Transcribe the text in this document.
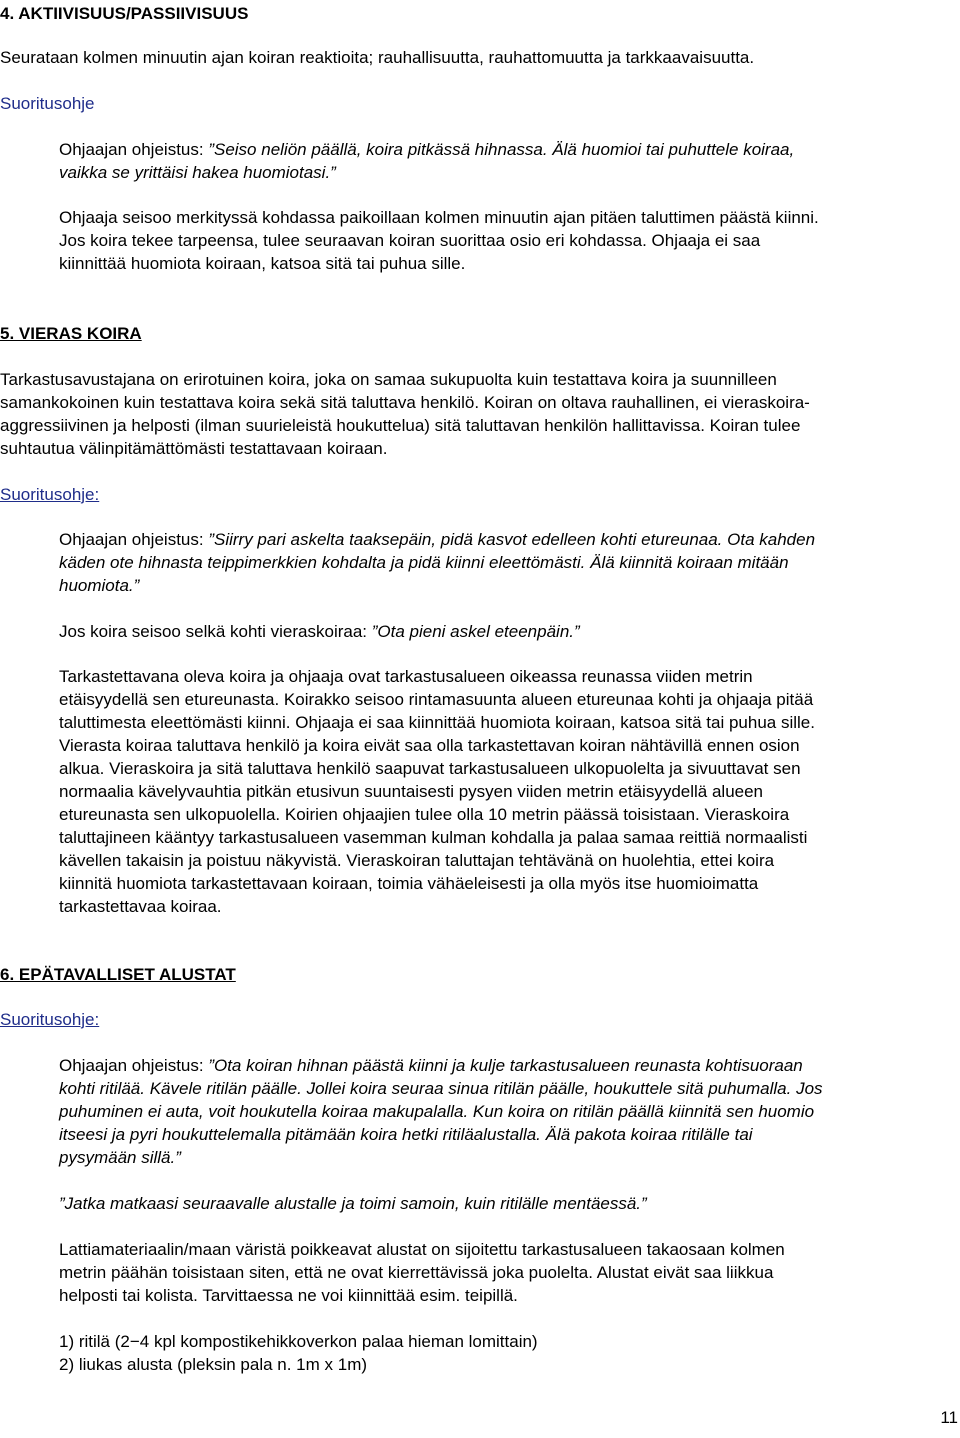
4. AKTIIVISUUS/PASSIIVISUUS
Seurataan kolmen minuutin ajan koiran reaktioita; rauhallisuutta, rauhattomuutta ja tarkkaavaisuutta.
Suoritusohje
Ohjaajan ohjeistus: ”Seiso neliön päällä, koira pitkässä hihnassa. Älä huomioi tai puhuttele koiraa,
vaikka se yrittäisi hakea huomiotasi.”
Ohjaaja seisoo merkityssä kohdassa paikoillaan kolmen minuutin ajan pitäen taluttimen päästä kiinni.
Jos koira tekee tarpeensa, tulee seuraavan koiran suorittaa osio eri kohdassa. Ohjaaja ei saa
kiinnittää huomiota koiraan, katsoa sitä tai puhua sille.
5. VIERAS KOIRA
Tarkastusavustajana on erirotuinen koira, joka on samaa sukupuolta kuin testattava koira ja suunnilleen
samankokoinen kuin testattava koira sekä sitä taluttava henkilö. Koiran on oltava rauhallinen, ei vieraskoira-
aggressiivinen ja helposti (ilman suurieleistä houkuttelua) sitä taluttavan henkilön hallittavissa. Koiran tulee
suhtautua välinpitämättömästi testattavaan koiraan.
Suoritusohje:
Ohjaajan ohjeistus: ”Siirry pari askelta taaksepäin, pidä kasvot edelleen kohti etureunaa. Ota kahden
käden ote hihnasta teippimerkkien kohdalta ja pidä kiinni eleettömästi. Älä kiinnitä koiraan mitään
huomiota.”
Jos koira seisoo selkä kohti vieraskoiraa: ”Ota pieni askel eteenpäin.”
Tarkastettavana oleva koira ja ohjaaja ovat tarkastusalueen oikeassa reunassa viiden metrin
etäisyydellä sen etureunasta. Koirakko seisoo rintamasuunta alueen etureunaa kohti ja ohjaaja pitää
taluttimesta eleettömästi kiinni. Ohjaaja ei saa kiinnittää huomiota koiraan, katsoa sitä tai puhua sille.
Vierasta koiraa taluttava henkilö ja koira eivät saa olla tarkastettavan koiran nähtävillä ennen osion
alkua. Vieraskoira ja sitä taluttava henkilö saapuvat tarkastusalueen ulkopuolelta ja sivuuttavat sen
normaalia kävelyvauhtia pitkän etusivun suuntaisesti pysyen viiden metrin etäisyydellä alueen
etureunasta sen ulkopuolella. Koirien ohjaajien tulee olla 10 metrin päässä toisistaan. Vieraskoira
taluttajineen kääntyy tarkastusalueen vasemman kulman kohdalla ja palaa samaa reittiä normaalisti
kävellen takaisin ja poistuu näkyvistä. Vieraskoiran taluttajan tehtävänä on huolehtia, ettei koira
kiinnitä huomiota tarkastettavaan koiraan, toimia vähäeleisesti ja olla myös itse huomioimatta
tarkastettavaa koiraa.
6. EPÄTAVALLISET ALUSTAT
Suoritusohje:
Ohjaajan ohjeistus: ”Ota koiran hihnan päästä kiinni ja kulje tarkastusalueen reunasta kohtisuoraan
kohti ritilää. Kävele ritilän päälle. Jollei koira seuraa sinua ritilän päälle, houkuttele sitä puhumalla. Jos
puhuminen ei auta, voit houkutella koiraa makupalalla. Kun koira on ritilän päällä kiinnitä sen huomio
itseesi ja pyri houkuttelemalla pitämään koira hetki ritiläalustalla. Älä pakota koiraa ritilälle tai
pysymään sillä.”
”Jatka matkaasi seuraavalle alustalle ja toimi samoin, kuin ritilälle mentäessä.”
Lattiamateriaalin/maan väristä poikkeavat alustat on sijoitettu tarkastusalueen takaosaan kolmen
metrin päähän toisistaan siten, että ne ovat kierrettävissä joka puolelta. Alustat eivät saa liikkua
helposti tai kolista. Tarvittaessa ne voi kiinnittää esim. teipillä.
1) ritilä (2−4 kpl kompostikehikkoverkon palaa hieman lomittain)
2) liukas alusta (pleksin pala n. 1m x 1m)
11
